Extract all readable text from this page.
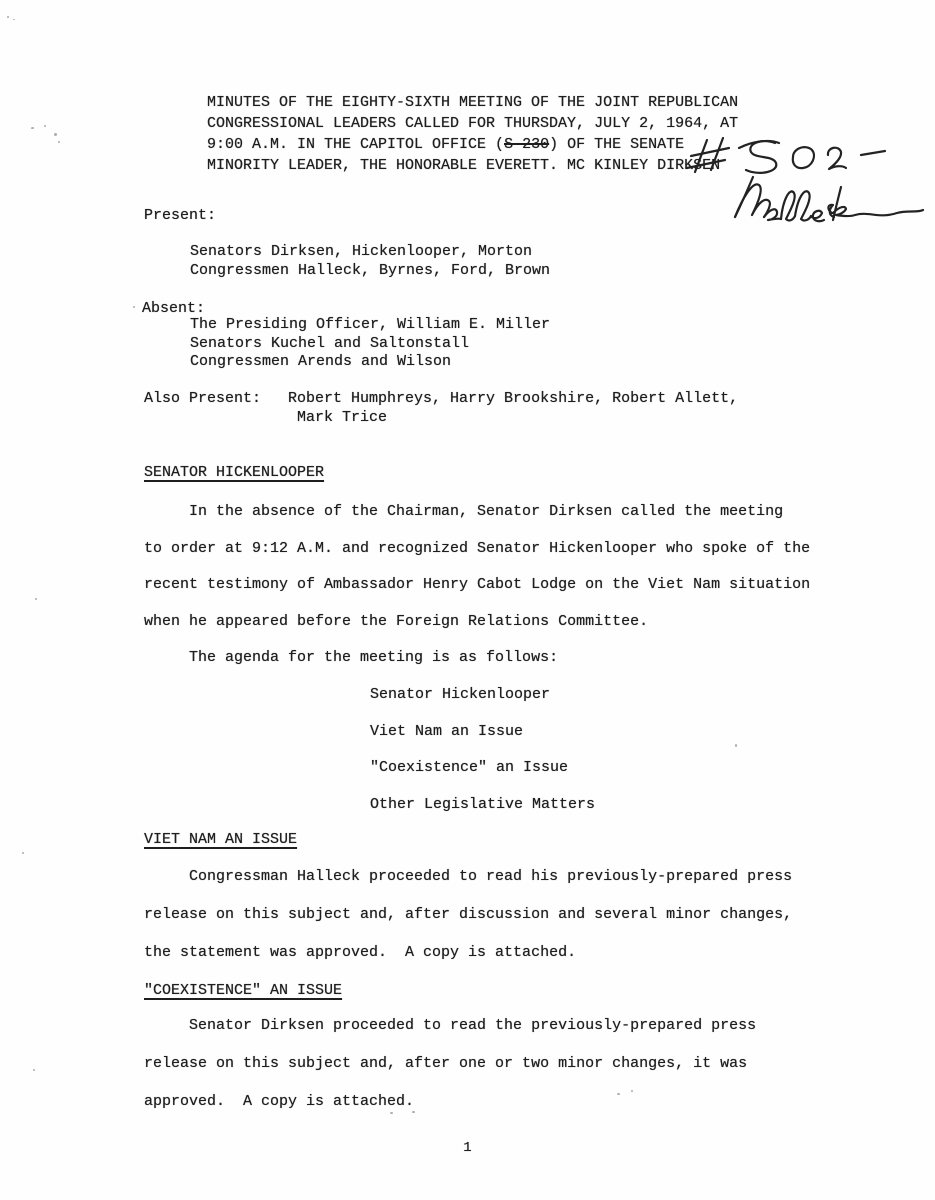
MINUTES OF THE EIGHTY-SIXTH MEETING OF THE JOINT REPUBLICAN
CONGRESSIONAL LEADERS CALLED FOR THURSDAY, JULY 2, 1964, AT
9:00 A.M. IN THE CAPITOL OFFICE (S-230) OF THE SENATE
MINORITY LEADER, THE HONORABLE EVERETT. MC KINLEY DIRKSEN
Present:
Senators Dirksen, Hickenlooper, Morton
Congressmen Halleck, Byrnes, Ford, Brown
Absent:
The Presiding Officer, William E. Miller
Senators Kuchel and Saltonstall
Congressmen Arends and Wilson
Also Present:   Robert Humphreys, Harry Brookshire, Robert Allett,
Mark Trice
SENATOR HICKENLOOPER
In the absence of the Chairman, Senator Dirksen called the meeting
to order at 9:12 A.M. and recognized Senator Hickenlooper who spoke of the
recent testimony of Ambassador Henry Cabot Lodge on the Viet Nam situation
when he appeared before the Foreign Relations Committee.
The agenda for the meeting is as follows:
Senator Hickenlooper
Viet Nam an Issue
"Coexistence" an Issue
Other Legislative Matters
VIET NAM AN ISSUE
Congressman Halleck proceeded to read his previously-prepared press
release on this subject and, after discussion and several minor changes,
the statement was approved.  A copy is attached.
"COEXISTENCE" AN ISSUE
Senator Dirksen proceeded to read the previously-prepared press
release on this subject and, after one or two minor changes, it was
approved.  A copy is attached.
1
